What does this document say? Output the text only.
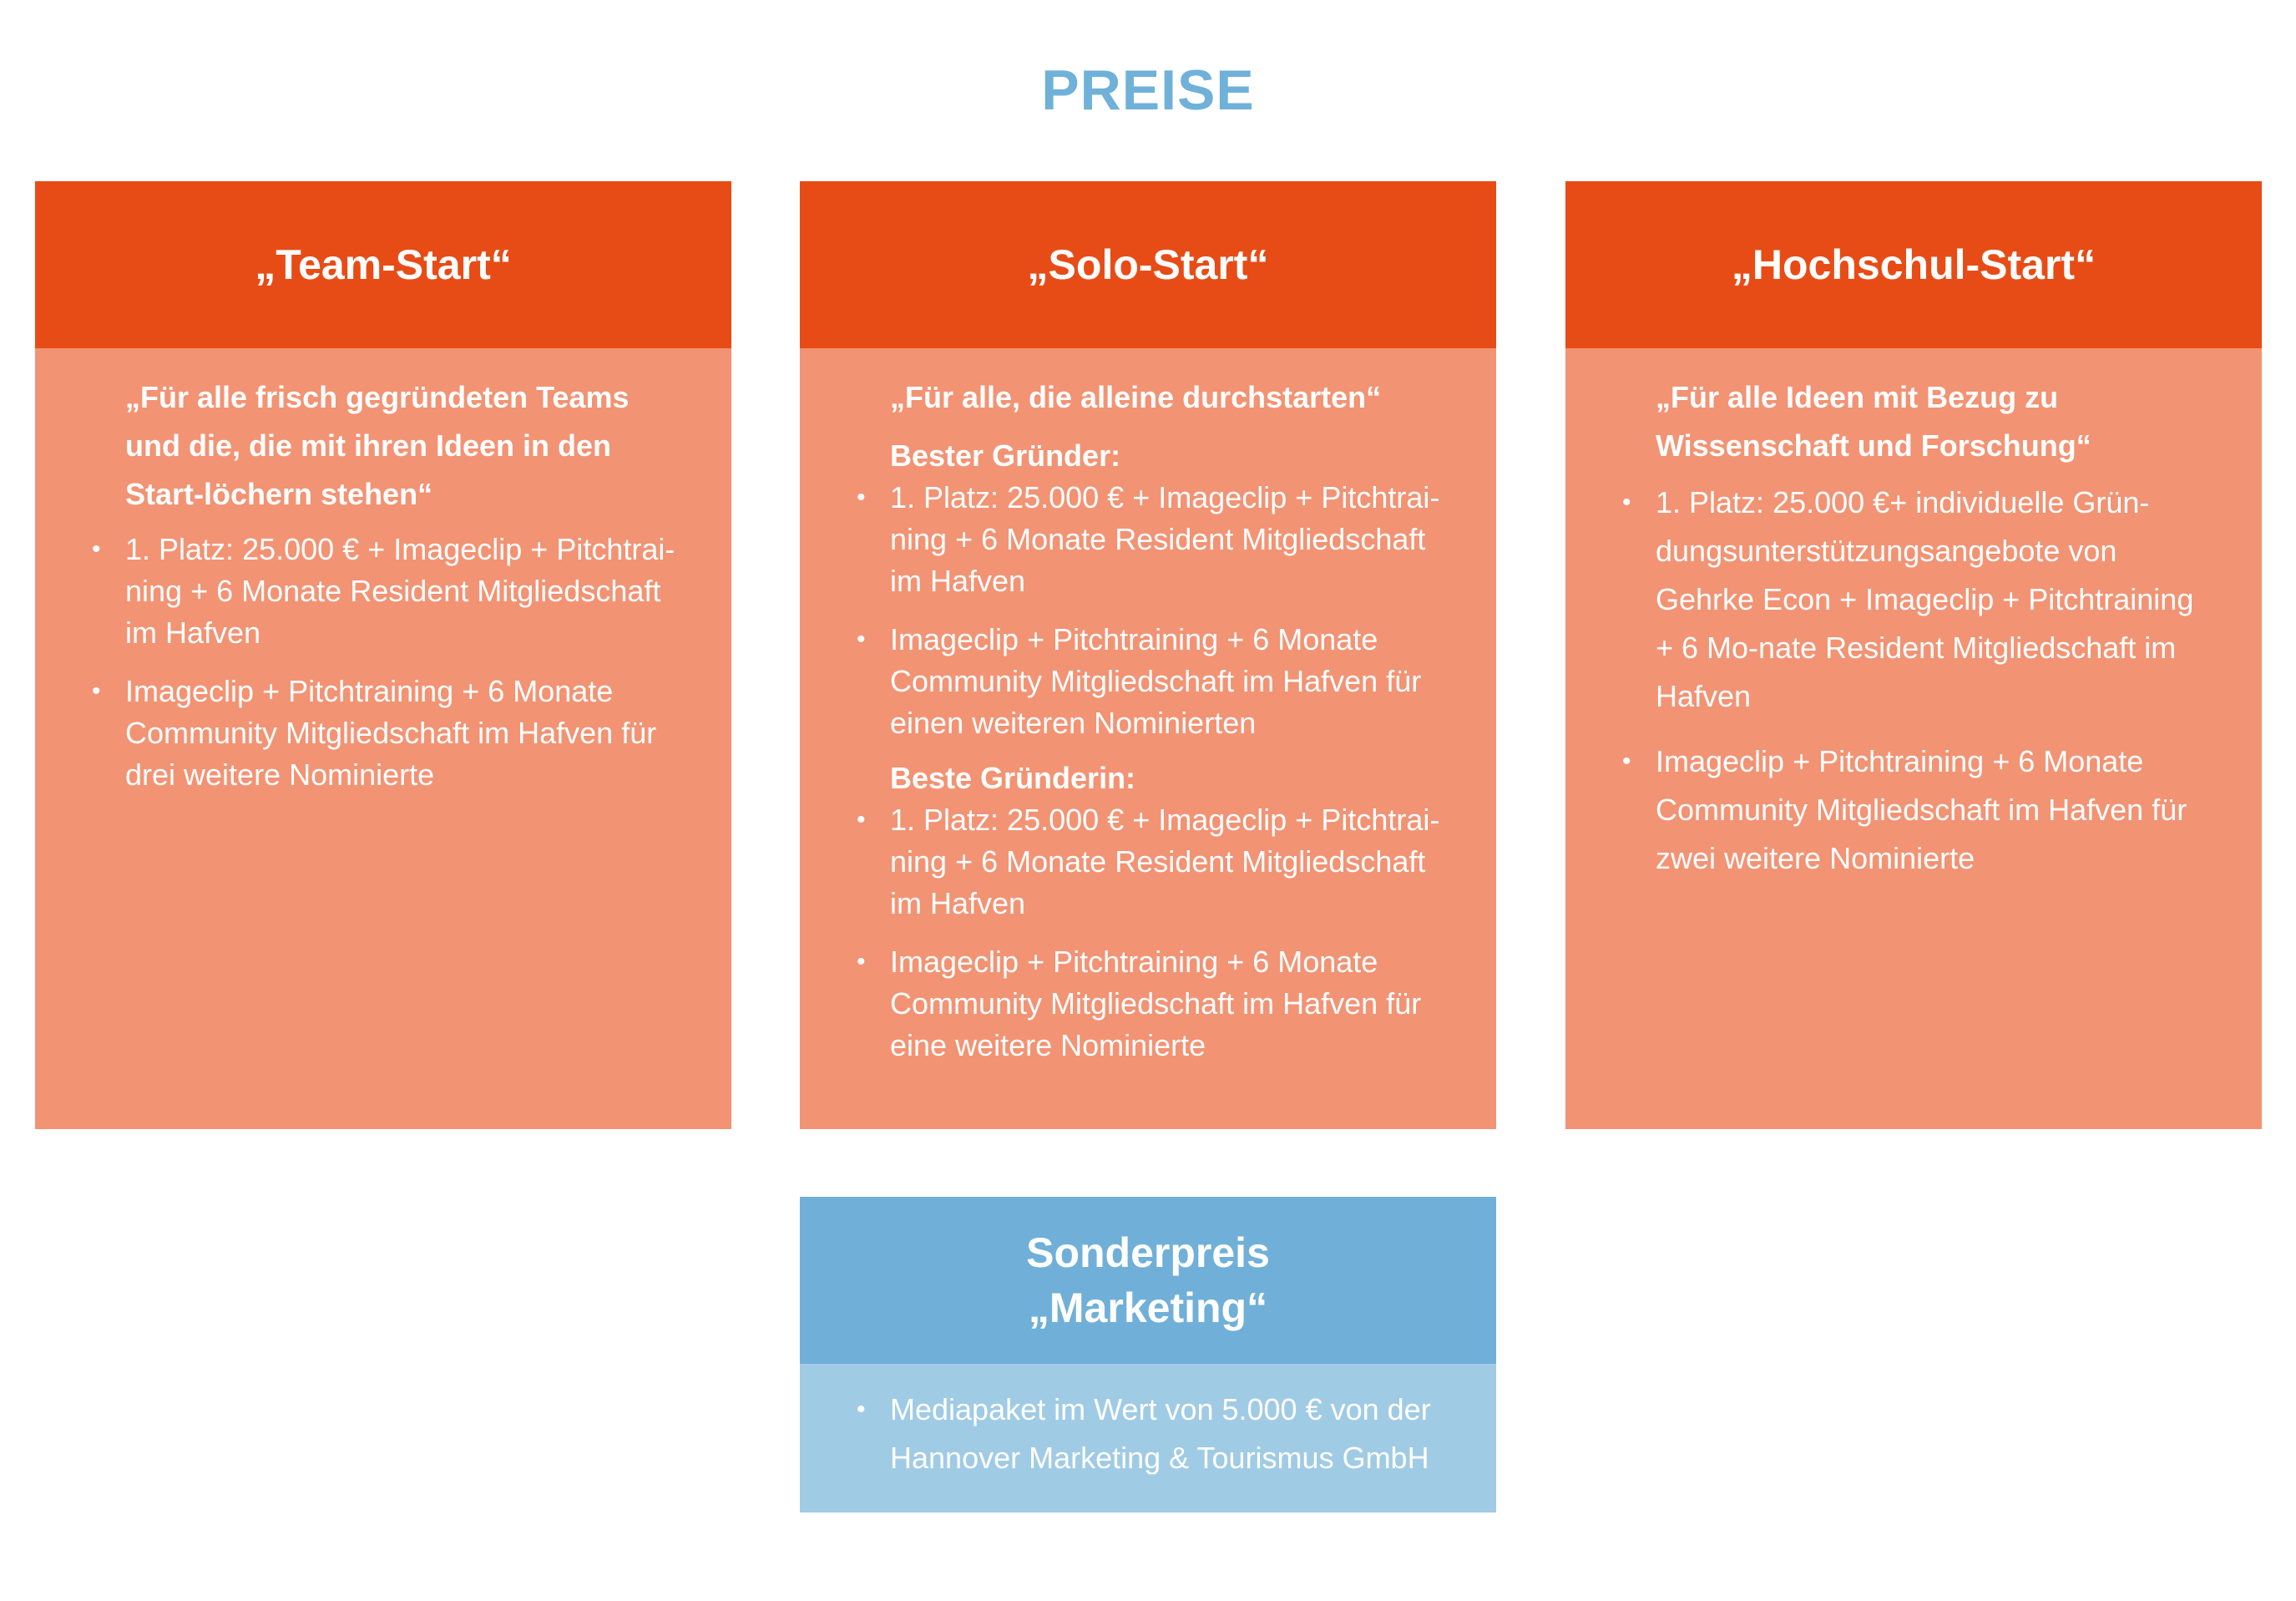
PREISE
„Team-Start“

„Für alle frisch gegründeten Teams und die, die mit ihren Ideen in den Start-löchern stehen“

• 1. Platz: 25.000 € + Imageclip + Pitchtrai-ning + 6 Monate Resident Mitgliedschaft im Hafven
• Imageclip + Pitchtraining + 6 Monate Community Mitgliedschaft im Hafven für drei weitere Nominierte
„Solo-Start“

„Für alle, die alleine durchstarten“

Bester Gründer:
• 1. Platz: 25.000 € + Imageclip + Pitchtrai-ning + 6 Monate Resident Mitgliedschaft im Hafven
• Imageclip + Pitchtraining + 6 Monate Community Mitgliedschaft im Hafven für einen weiteren Nominierten
Beste Gründerin:
• 1. Platz: 25.000 € + Imageclip + Pitchtrai-ning + 6 Monate Resident Mitgliedschaft im Hafven
• Imageclip + Pitchtraining + 6 Monate Community Mitgliedschaft im Hafven für eine weitere Nominierte
„Hochschul-Start“

„Für alle Ideen mit Bezug zu Wissenschaft und Forschung“

• 1. Platz: 25.000 €+ individuelle Grün-dungsunterstützungsangebote von Gehrke Econ + Imageclip + Pitchtraining + 6 Mo-nate Resident Mitgliedschaft im Hafven
• Imageclip + Pitchtraining + 6 Monate Community Mitgliedschaft im Hafven für zwei weitere Nominierte
Sonderpreis
„Marketing“
• Mediapaket im Wert von 5.000 € von der Hannover Marketing & Tourismus GmbH
